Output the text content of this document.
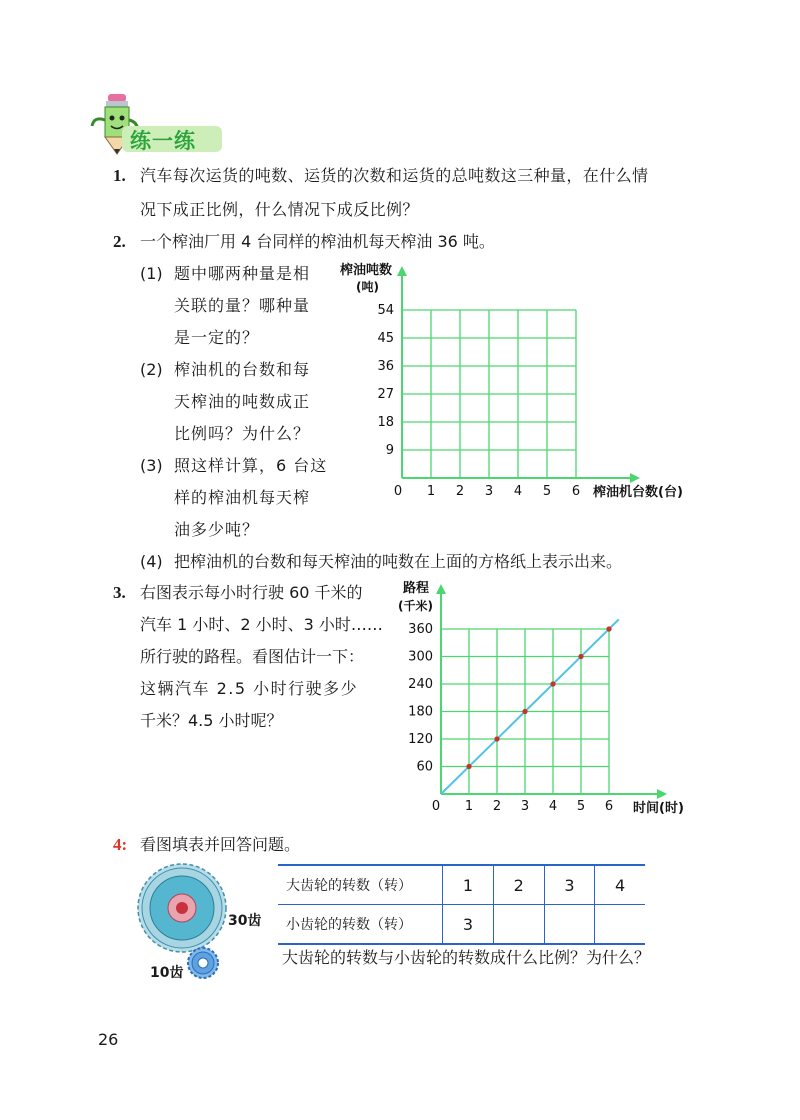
练一练
1. 汽车每次运货的吨数、运货的次数和运货的总吨数这三种量，在什么情
况下成正比例，什么情况下成反比例？
2. 一个榨油厂用 4 台同样的榨油机每天榨油 36 吨。
(1) 题中哪两种量是相
关联的量？哪种量
是一定的？
(2) 榨油机的台数和每
天榨油的吨数成正
比例吗？为什么？
(3) 照这样计算，6 台这
样的榨油机每天榨
油多少吨？
(4) 把榨油机的台数和每天榨油的吨数在上面的方格纸上表示出来。
0 1 2 3 4 5 6
9
18
27
36
45
54
榨油吨数
(吨)
榨油机台数(台)
3. 右图表示每小时行驶 60 千米的
汽车 1 小时、2 小时、3 小时……
所行驶的路程。看图估计一下：
这辆汽车 2.5 小时行驶多少
千米？4.5 小时呢？
0 1 2 3 4 5 6
60
120
180
240
300
360
路程
(千米)
时间(时)
4: 看图填表并回答问题。
30齿
10齿
大齿轮的转数（转）	1	2	3	4
小齿轮的转数（转）	3			
大齿轮的转数与小齿轮的转数成什么比例？为什么？
26
